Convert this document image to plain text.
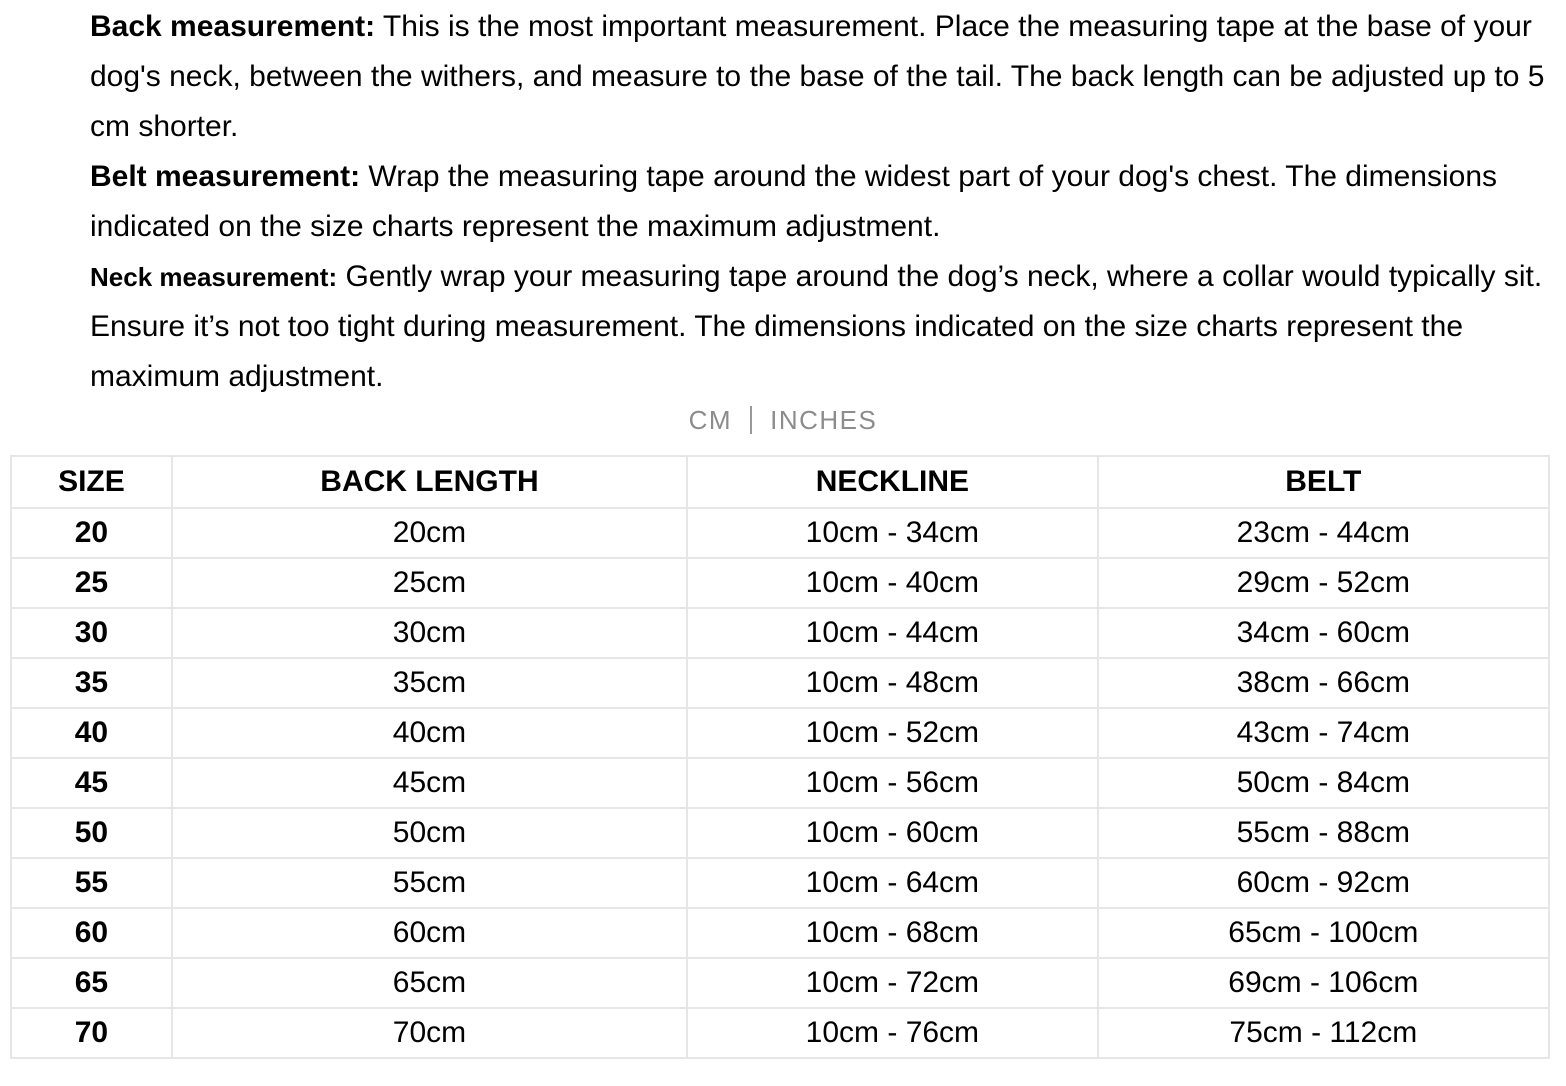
Back measurement: This is the most important measurement. Place the measuring tape at the base of your dog's neck, between the withers, and measure to the base of the tail. The back length can be adjusted up to 5 cm shorter.

Belt measurement: Wrap the measuring tape around the widest part of your dog's chest. The dimensions indicated on the size charts represent the maximum adjustment.

Neck measurement: Gently wrap your measuring tape around the dog’s neck, where a collar would typically sit. Ensure it’s not too tight during measurement. The dimensions indicated on the size charts represent the maximum adjustment.

CM INCHES
SIZE	BACK LENGTH	NECKLINE	BELT
20	20cm	10cm - 34cm	23cm - 44cm
25	25cm	10cm - 40cm	29cm - 52cm
30	30cm	10cm - 44cm	34cm - 60cm
35	35cm	10cm - 48cm	38cm - 66cm
40	40cm	10cm - 52cm	43cm - 74cm
45	45cm	10cm - 56cm	50cm - 84cm
50	50cm	10cm - 60cm	55cm - 88cm
55	55cm	10cm - 64cm	60cm - 92cm
60	60cm	10cm - 68cm	65cm - 100cm
65	65cm	10cm - 72cm	69cm - 106cm
70	70cm	10cm - 76cm	75cm - 112cm
